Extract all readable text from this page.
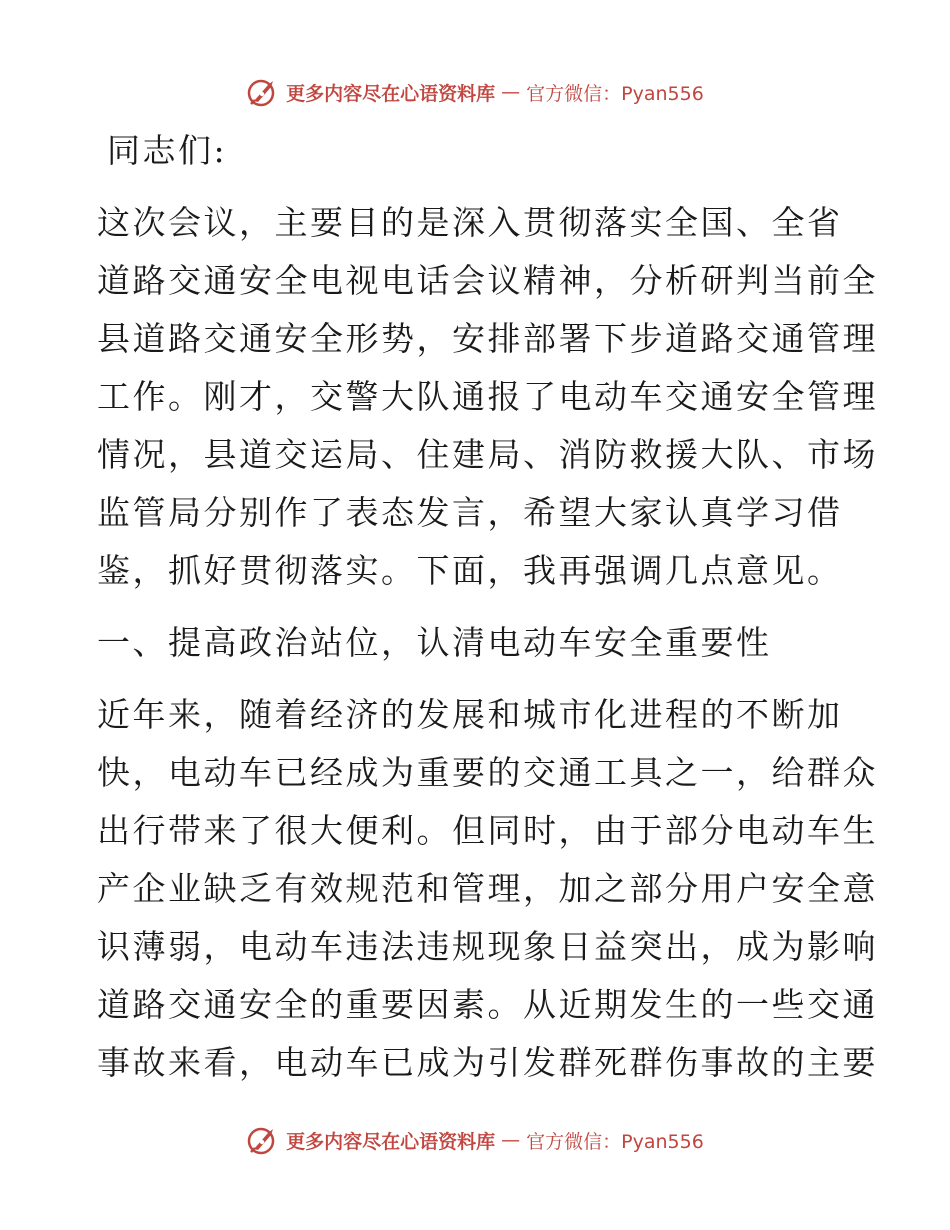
更多内容尽在心语资料库 — 官方微信：Pyan556
同志们:
这次会议，主要目的是深入贯彻落实全国、全省
道路交通安全电视电话会议精神，分析研判当前全
县道路交通安全形势，安排部署下步道路交通管理
工作。刚才，交警大队通报了电动车交通安全管理
情况，县道交运局、住建局、消防救援大队、市场
监管局分别作了表态发言，希望大家认真学习借
鉴，抓好贯彻落实。下面，我再强调几点意见。
一、提高政治站位，认清电动车安全重要性
近年来，随着经济的发展和城市化进程的不断加
快，电动车已经成为重要的交通工具之一，给群众
出行带来了很大便利。但同时，由于部分电动车生
产企业缺乏有效规范和管理，加之部分用户安全意
识薄弱，电动车违法违规现象日益突出，成为影响
道路交通安全的重要因素。从近期发生的一些交通
事故来看，电动车已成为引发群死群伤事故的主要
更多内容尽在心语资料库 — 官方微信：Pyan556
